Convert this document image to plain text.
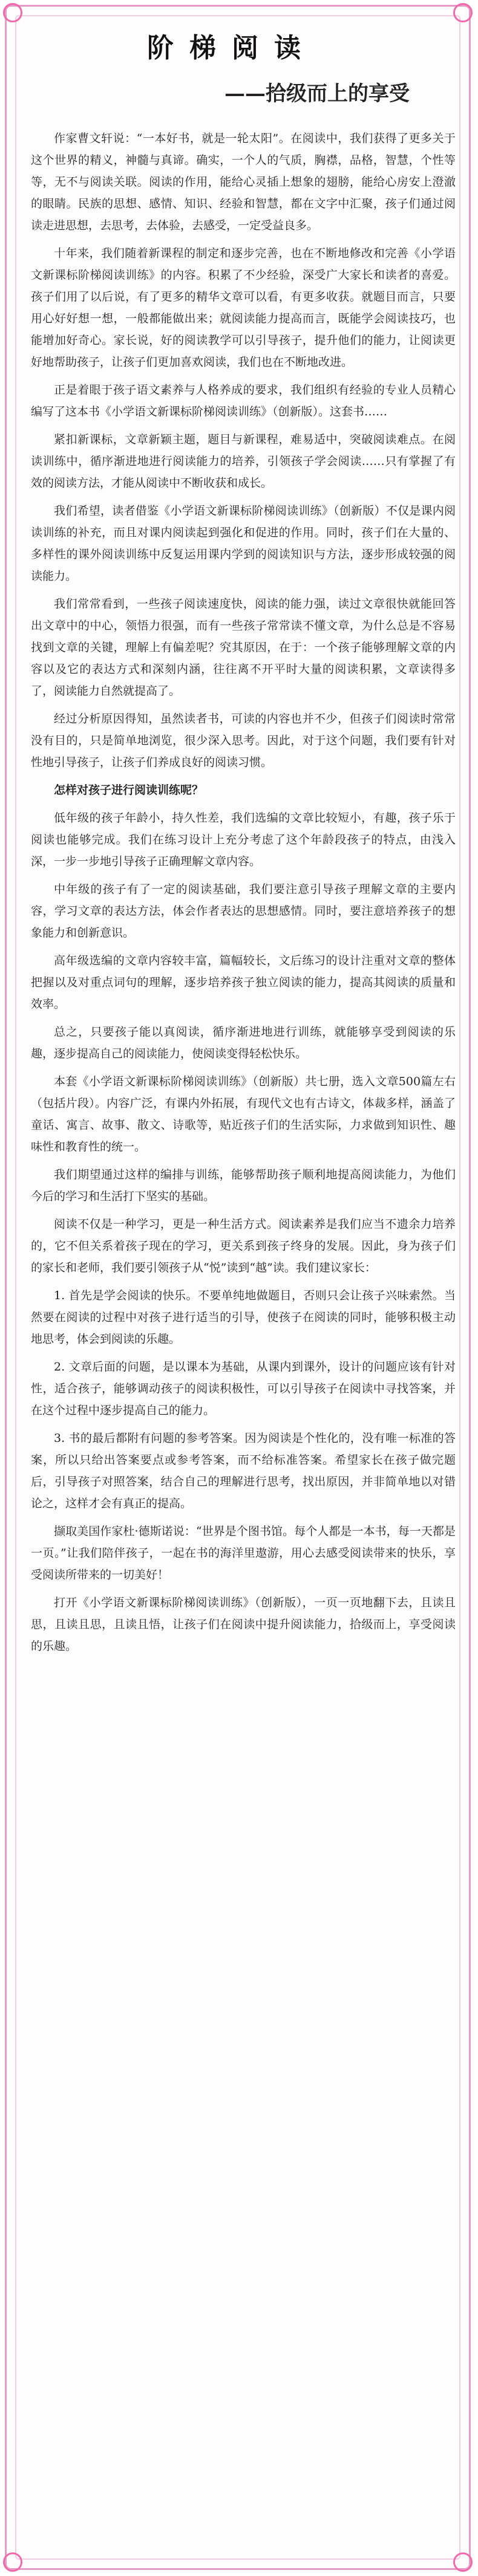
阶梯阅读
——拾级而上的享受

作家曹文轩说：“一本好书，就是一轮太阳”。在阅读中，我们获得了更多关于这个世界的精义，神髓与真谛。确实，一个人的气质，胸襟，品格，智慧，个性等等，无不与阅读关联。阅读的作用，能给心灵插上想象的翅膀，能给心房安上澄澈的眼睛。民族的思想、感情、知识、经验和智慧，都在文字中汇聚，孩子们通过阅读走进思想，去思考，去体验，去感受，一定受益良多。

十年来，我们随着新课程的制定和逐步完善，也在不断地修改和完善《小学语文新课标阶梯阅读训练》的内容。积累了不少经验，深受广大家长和读者的喜爱。孩子们用了以后说，有了更多的精华文章可以看，有更多收获。就题目而言，只要用心好好想一想，一般都能做出来；就阅读能力提高而言，既能学会阅读技巧，也能增加好奇心。家长说，好的阅读教学可以引导孩子，提升他们的能力，让阅读更好地帮助孩子，让孩子们更加喜欢阅读，我们也在不断地改进。

正是着眼于孩子语文素养与人格养成的要求，我们组织有经验的专业人员精心编写了这本书《小学语文新课标阶梯阅读训练》（创新版）。这套书……

紧扣新课标，文章新颖主题，题目与新课程，难易适中，突破阅读难点。在阅读训练中，循序渐进地进行阅读能力的培养，引领孩子学会阅读……只有掌握了有效的阅读方法，才能从阅读中不断收获和成长。

我们希望，读者借鉴《小学语文新课标阶梯阅读训练》（创新版）不仅是课内阅读训练的补充，而且对课内阅读起到强化和促进的作用。同时，孩子们在大量的、多样性的课外阅读训练中反复运用课内学到的阅读知识与方法，逐步形成较强的阅读能力。

我们常常看到，一些孩子阅读速度快，阅读的能力强，读过文章很快就能回答出文章中的中心，领悟力很强，而有一些孩子常常读不懂文章，为什么总是不容易找到文章的关键，理解上有偏差呢？究其原因，在于：一个孩子能够理解文章的内容以及它的表达方式和深刻内涵，往往离不开平时大量的阅读积累，文章读得多了，阅读能力自然就提高了。

经过分析原因得知，虽然读者书，可读的内容也并不少，但孩子们阅读时常常没有目的，只是简单地浏览，很少深入思考。因此，对于这个问题，我们要有针对性地引导孩子，让孩子们养成良好的阅读习惯。

怎样对孩子进行阅读训练呢？

低年级的孩子年龄小，持久性差，我们选编的文章比较短小，有趣，孩子乐于阅读也能够完成。我们在练习设计上充分考虑了这个年龄段孩子的特点，由浅入深，一步一步地引导孩子正确理解文章内容。

中年级的孩子有了一定的阅读基础，我们要注意引导孩子理解文章的主要内容，学习文章的表达方法，体会作者表达的思想感情。同时，要注意培养孩子的想象能力和创新意识。

高年级选编的文章内容较丰富，篇幅较长，文后练习的设计注重对文章的整体把握以及对重点词句的理解，逐步培养孩子独立阅读的能力，提高其阅读的质量和效率。

总之，只要孩子能以真阅读，循序渐进地进行训练，就能够享受到阅读的乐趣，逐步提高自己的阅读能力，使阅读变得轻松快乐。

本套《小学语文新课标阶梯阅读训练》（创新版）共七册，选入文章500篇左右（包括片段）。内容广泛，有课内外拓展，有现代文也有古诗文，体裁多样，涵盖了童话、寓言、故事、散文、诗歌等，贴近孩子们的生活实际，力求做到知识性、趣味性和教育性的统一。

我们期望通过这样的编排与训练，能够帮助孩子顺利地提高阅读能力，为他们今后的学习和生活打下坚实的基础。

阅读不仅是一种学习，更是一种生活方式。阅读素养是我们应当不遗余力培养的，它不但关系着孩子现在的学习，更关系到孩子终身的发展。因此，身为孩子们的家长和老师，我们要引领孩子从“悦”读到“越”读。我们建议家长：

1. 首先是学会阅读的快乐。不要单纯地做题目，否则只会让孩子兴味索然。当然要在阅读的过程中对孩子进行适当的引导，使孩子在阅读的同时，能够积极主动地思考，体会到阅读的乐趣。
2. 文章后面的问题，是以课本为基础，从课内到课外，设计的问题应该有针对性，适合孩子，能够调动孩子的阅读积极性，可以引导孩子在阅读中寻找答案，并在这个过程中逐步提高自己的能力。
3. 书的最后都附有问题的参考答案。因为阅读是个性化的，没有唯一标准的答案，所以只给出答案要点或参考答案，而不给标准答案。希望家长在孩子做完题后，引导孩子对照答案，结合自己的理解进行思考，找出原因，并非简单地以对错论之，这样才会有真正的提高。

撷取美国作家杜·德斯诺说：“世界是个图书馆。每个人都是一本书，每一天都是一页。”让我们陪伴孩子，一起在书的海洋里遨游，用心去感受阅读带来的快乐，享受阅读所带来的一切美好！

打开《小学语文新课标阶梯阅读训练》（创新版），一页一页地翻下去，且读且思，且读且思，且读且悟，让孩子们在阅读中提升阅读能力，拾级而上，享受阅读的乐趣。
